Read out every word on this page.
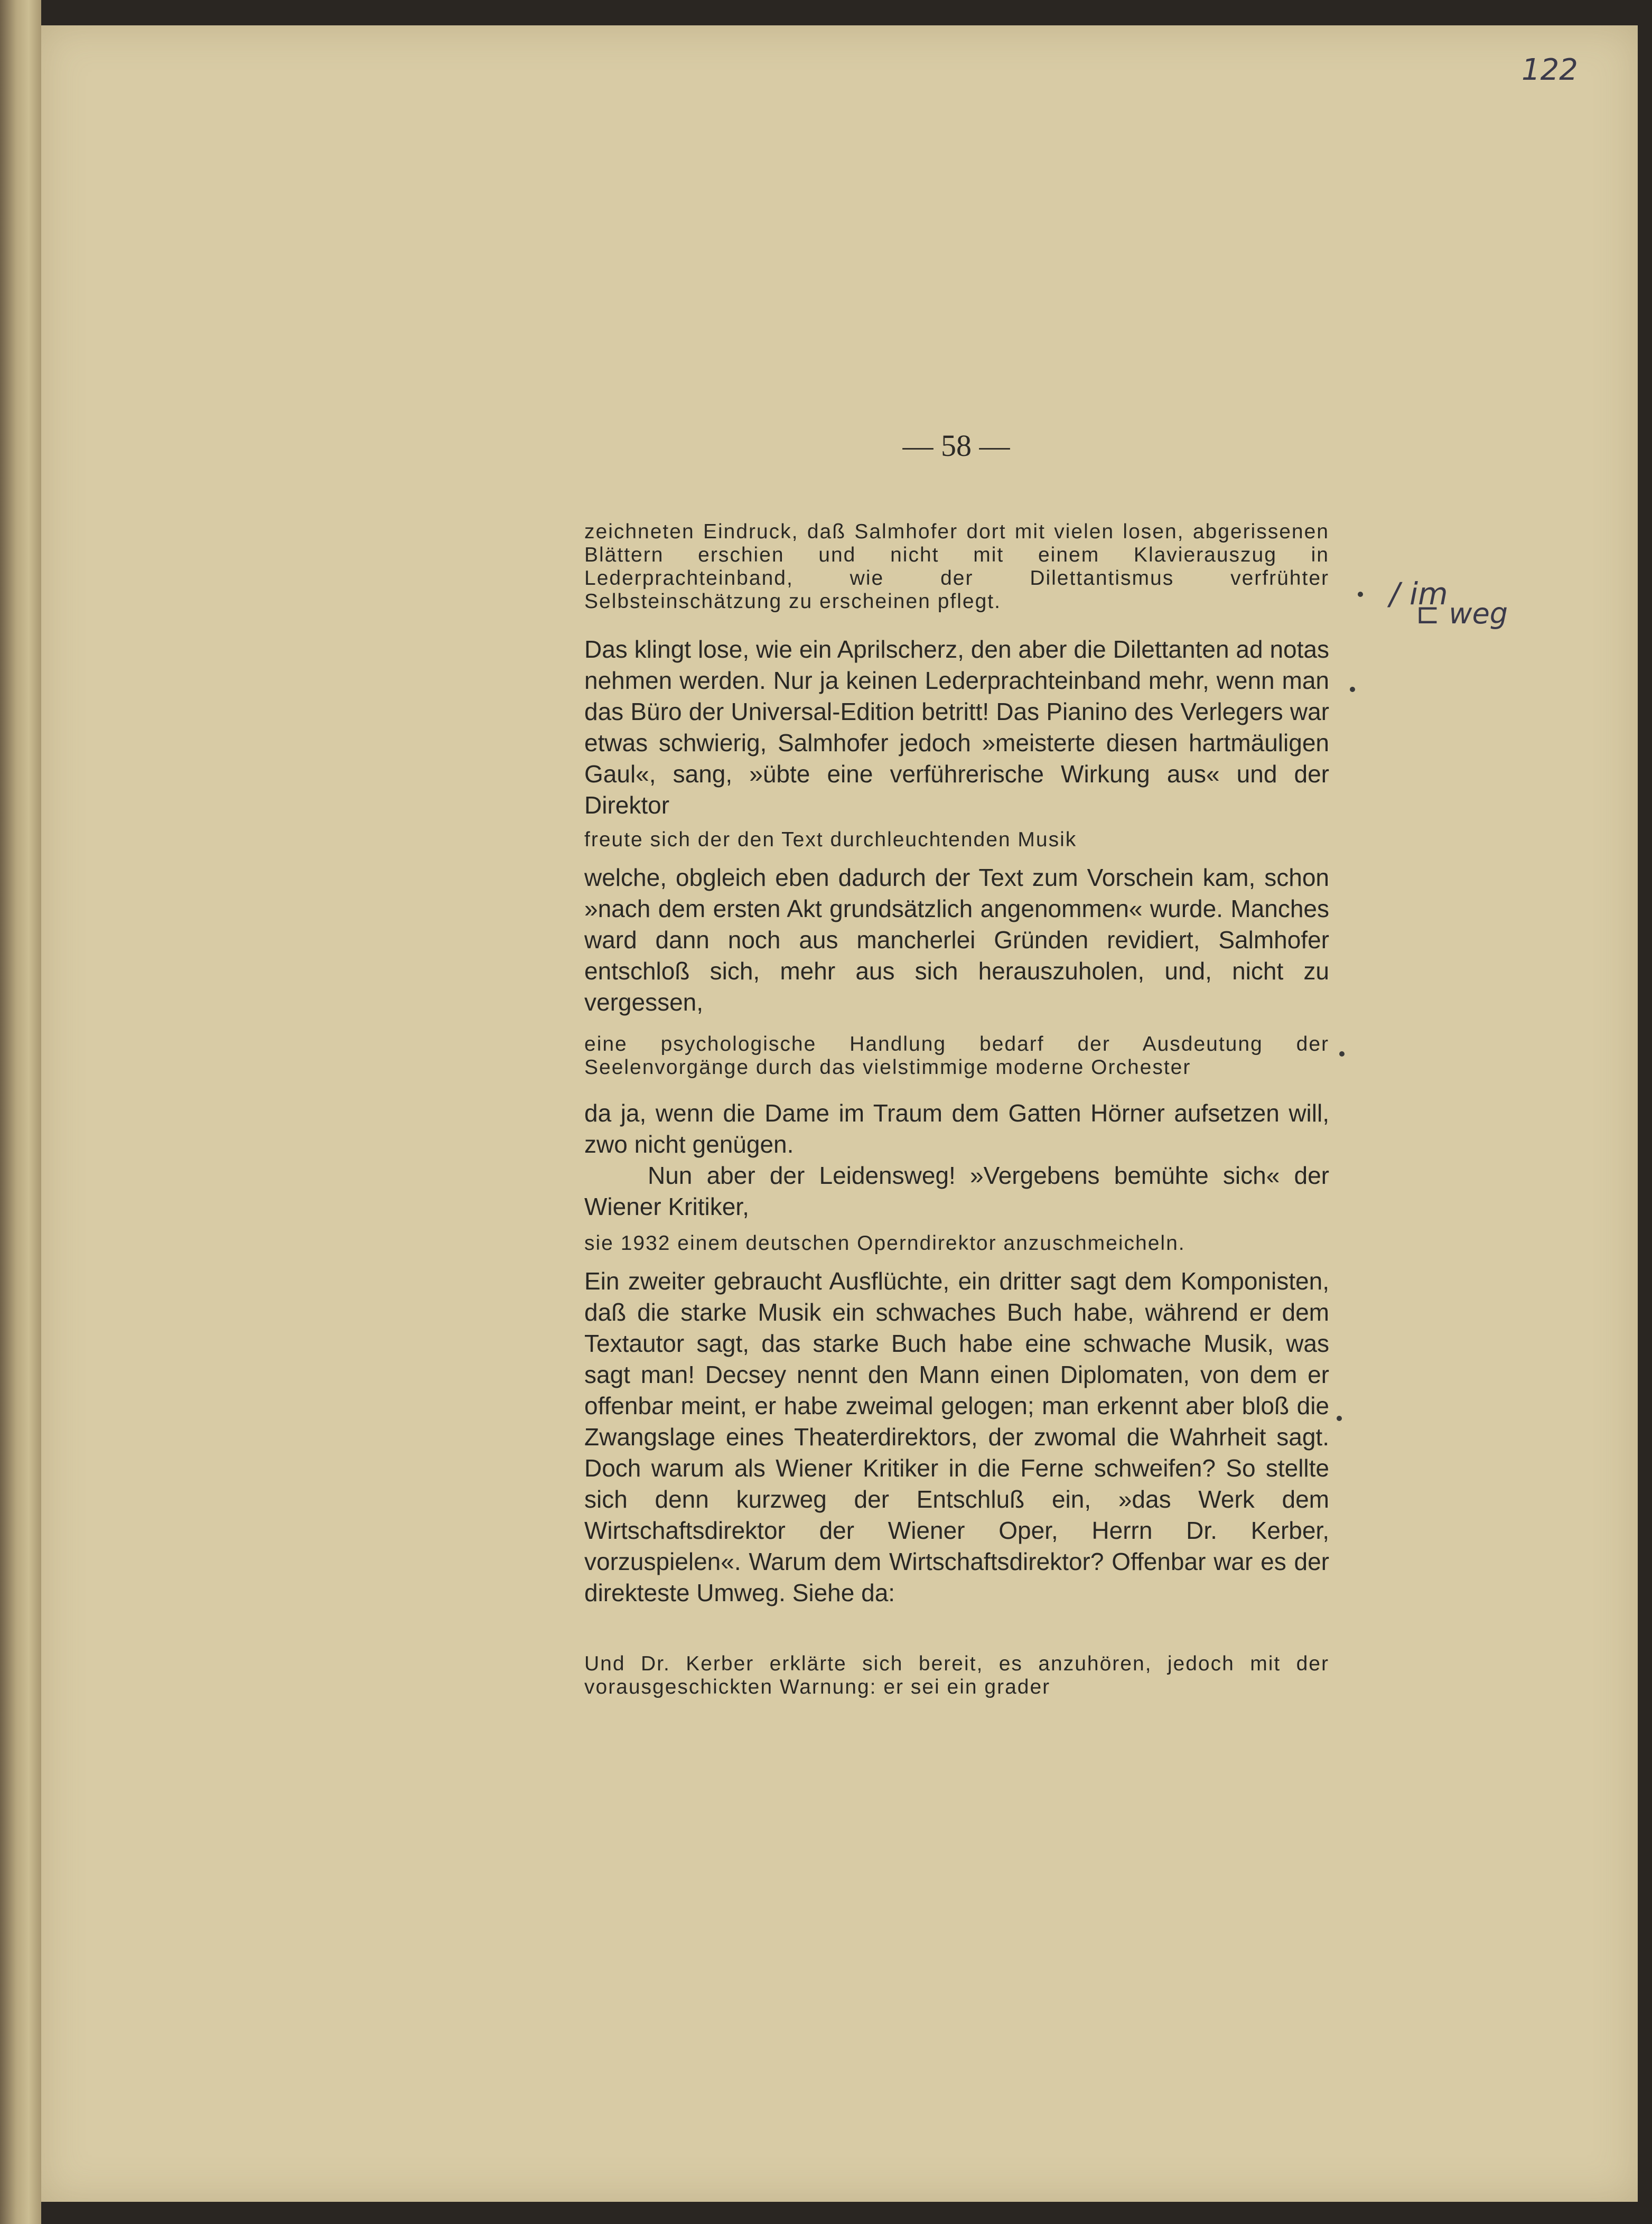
122
/ im
⊏ weg
— 58 —

zeichneten Eindruck, daß Salmhofer dort mit vielen losen, abgerissenen Blättern erschien und nicht mit einem Klavierauszug in Lederprachteinband, wie der Dilettantismus verfrühter Selbsteinschätzung zu erscheinen pflegt.

Das klingt lose, wie ein Aprilscherz, den aber die Dilettanten ad notas nehmen werden. Nur ja keinen Lederprachteinband mehr, wenn man das Büro der Universal-Edition betritt! Das Pianino des Verlegers war etwas schwierig, Salmhofer jedoch »meisterte diesen hartmäuligen Gaul«, sang, »übte eine verführerische Wirkung aus« und der Direktor

freute sich der den Text durchleuchtenden Musik

welche, obgleich eben dadurch der Text zum Vorschein kam, schon »nach dem ersten Akt grundsätzlich angenommen« wurde. Manches ward dann noch aus mancherlei Gründen revidiert, Salmhofer entschloß sich, mehr aus sich herauszuholen, und, nicht zu vergessen,

eine psychologische Handlung bedarf der Ausdeutung der Seelenvorgänge durch das vielstimmige moderne Orchester

da ja, wenn die Dame im Traum dem Gatten Hörner aufsetzen will, zwo nicht genügen.

Nun aber der Leidensweg! »Vergebens bemühte sich« der Wiener Kritiker,

sie 1932 einem deutschen Operndirektor anzuschmeicheln.

Ein zweiter gebraucht Ausflüchte, ein dritter sagt dem Komponisten, daß die starke Musik ein schwaches Buch habe, während er dem Textautor sagt, das starke Buch habe eine schwache Musik, was sagt man! Decsey nennt den Mann einen Diplomaten, von dem er offenbar meint, er habe zweimal gelogen; man erkennt aber bloß die Zwangslage eines Theaterdirektors, der zwomal die Wahrheit sagt. Doch warum als Wiener Kritiker in die Ferne schweifen? So stellte sich denn kurzweg der Entschluß ein, »das Werk dem Wirtschaftsdirektor der Wiener Oper, Herrn Dr. Kerber, vorzuspielen«. Warum dem Wirtschaftsdirektor? Offenbar war es der direkteste Umweg. Siehe da:

Und Dr. Kerber erklärte sich bereit, es anzuhören, jedoch mit der vorausgeschickten Warnung: er sei ein grader
